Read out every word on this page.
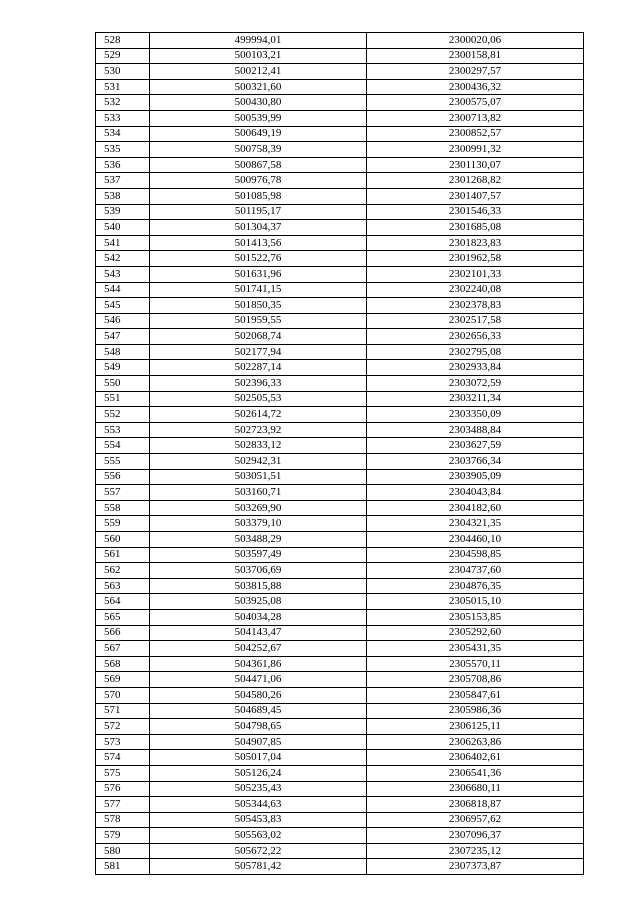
528	499994,01	2300020,06
529	500103,21	2300158,81
530	500212,41	2300297,57
531	500321,60	2300436,32
532	500430,80	2300575,07
533	500539,99	2300713,82
534	500649,19	2300852,57
535	500758,39	2300991,32
536	500867,58	2301130,07
537	500976,78	2301268,82
538	501085,98	2301407,57
539	501195,17	2301546,33
540	501304,37	2301685,08
541	501413,56	2301823,83
542	501522,76	2301962,58
543	501631,96	2302101,33
544	501741,15	2302240,08
545	501850,35	2302378,83
546	501959,55	2302517,58
547	502068,74	2302656,33
548	502177,94	2302795,08
549	502287,14	2302933,84
550	502396,33	2303072,59
551	502505,53	2303211,34
552	502614,72	2303350,09
553	502723,92	2303488,84
554	502833,12	2303627,59
555	502942,31	2303766,34
556	503051,51	2303905,09
557	503160,71	2304043,84
558	503269,90	2304182,60
559	503379,10	2304321,35
560	503488,29	2304460,10
561	503597,49	2304598,85
562	503706,69	2304737,60
563	503815,88	2304876,35
564	503925,08	2305015,10
565	504034,28	2305153,85
566	504143,47	2305292,60
567	504252,67	2305431,35
568	504361,86	2305570,11
569	504471,06	2305708,86
570	504580,26	2305847,61
571	504689,45	2305986,36
572	504798,65	2306125,11
573	504907,85	2306263,86
574	505017,04	2306402,61
575	505126,24	2306541,36
576	505235,43	2306680,11
577	505344,63	2306818,87
578	505453,83	2306957,62
579	505563,02	2307096,37
580	505672,22	2307235,12
581	505781,42	2307373,87
